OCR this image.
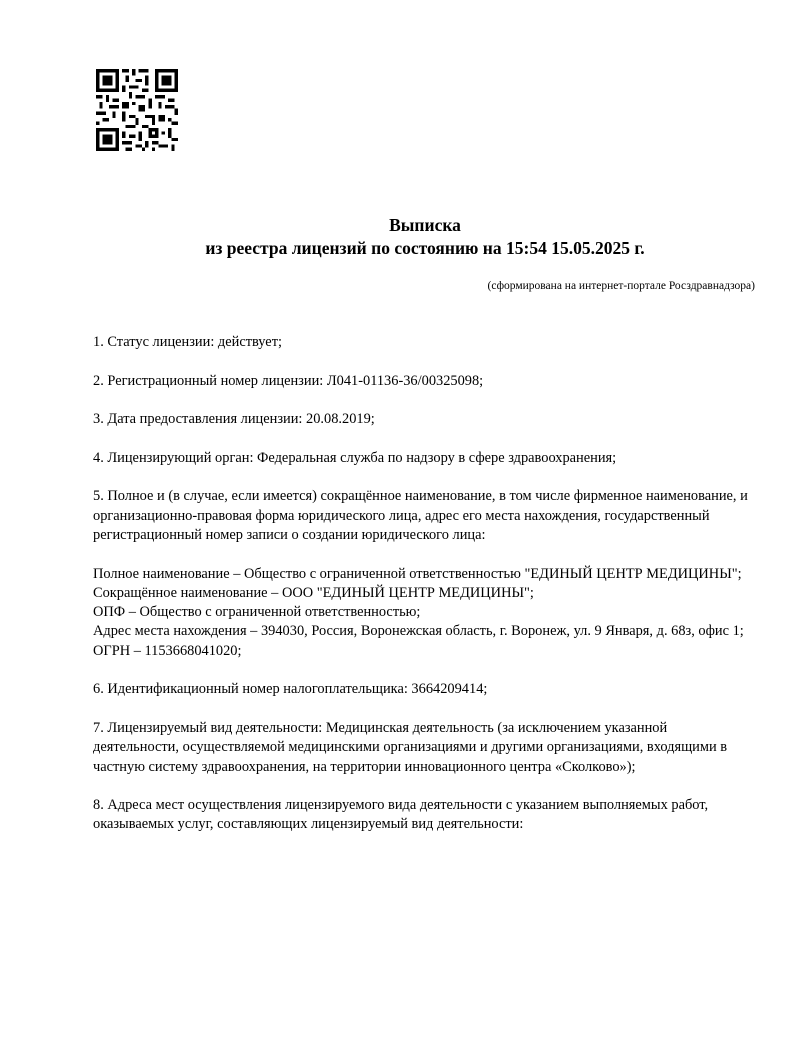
Выписка
из реестра лицензий по состоянию на 15:54 15.05.2025 г.
(сформирована на интернет-портале Росздравнадзора)

1. Статус лицензии: действует;

2. Регистрационный номер лицензии: Л041-01136-36/00325098;

3. Дата предоставления лицензии: 20.08.2019;

4. Лицензирующий орган: Федеральная служба по надзору в сфере здравоохранения;

5. Полное и (в случае, если имеется) сокращённое наименование, в том числе фирменное наименование, и организационно-правовая форма юридического лица, адрес его места нахождения, государственный регистрационный номер записи о создании юридического лица:

Полное наименование – Общество с ограниченной ответственностью "ЕДИНЫЙ ЦЕНТР МЕДИЦИНЫ";
Сокращённое наименование – ООО "ЕДИНЫЙ ЦЕНТР МЕДИЦИНЫ";
ОПФ – Общество с ограниченной ответственностью;
Адрес места нахождения – 394030, Россия, Воронежская область, г. Воронеж, ул. 9 Января, д. 68з, офис 1;
ОГРН – 1153668041020;

6. Идентификационный номер налогоплательщика: 3664209414;

7. Лицензируемый вид деятельности: Медицинская деятельность (за исключением указанной деятельности, осуществляемой медицинскими организациями и другими организациями, входящими в частную систему здравоохранения, на территории инновационного центра «Сколково»);

8. Адреса мест осуществления лицензируемого вида деятельности с указанием выполняемых работ, оказываемых услуг, составляющих лицензируемый вид деятельности:
